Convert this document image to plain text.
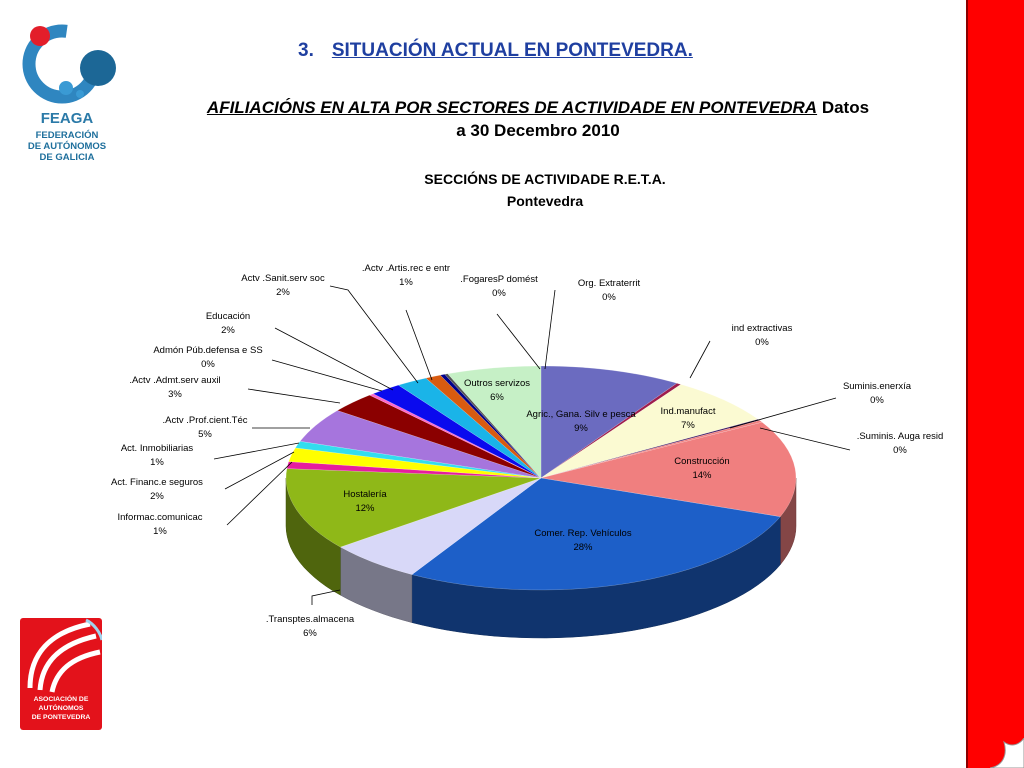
FEAGA
FEDERACIÓN
DE AUTÓNOMOS
DE GALICIA
ASOCIACIÓN DE
AUTÓNOMOS
DE PONTEVEDRA
3. SITUACIÓN ACTUAL EN PONTEVEDRA.
AFILIACIÓNS EN ALTA POR SECTORES DE ACTIVIDADE EN PONTEVEDRA Datos
a 30 Decembro 2010
SECCIÓNS DE ACTIVIDADE R.E.T.A.
Pontevedra
Agric., Gana. Silv e pesca
9%
ind extractivas
0%
Ind.manufact
7%
Suminis.enerxía
0%
.Suminis. Auga resid
0%
Construcción
14%
Comer. Rep. Vehículos
28%
.Transptes.almacena
6%
Hostalería
12%
Informac.comunicac
1%
Act. Financ.e seguros
2%
Act. Inmobiliarias
1%
.Actv .Prof.cient.Téc
5%
.Actv .Admt.serv auxil
3%
Admón Púb.defensa e SS
0%
Educación
2%
Actv .Sanit.serv soc
2%
.Actv .Artis.rec e entr
1%	.FogaresP domést
0%
Org. Extraterrit
0%
Outros servizos
6%
